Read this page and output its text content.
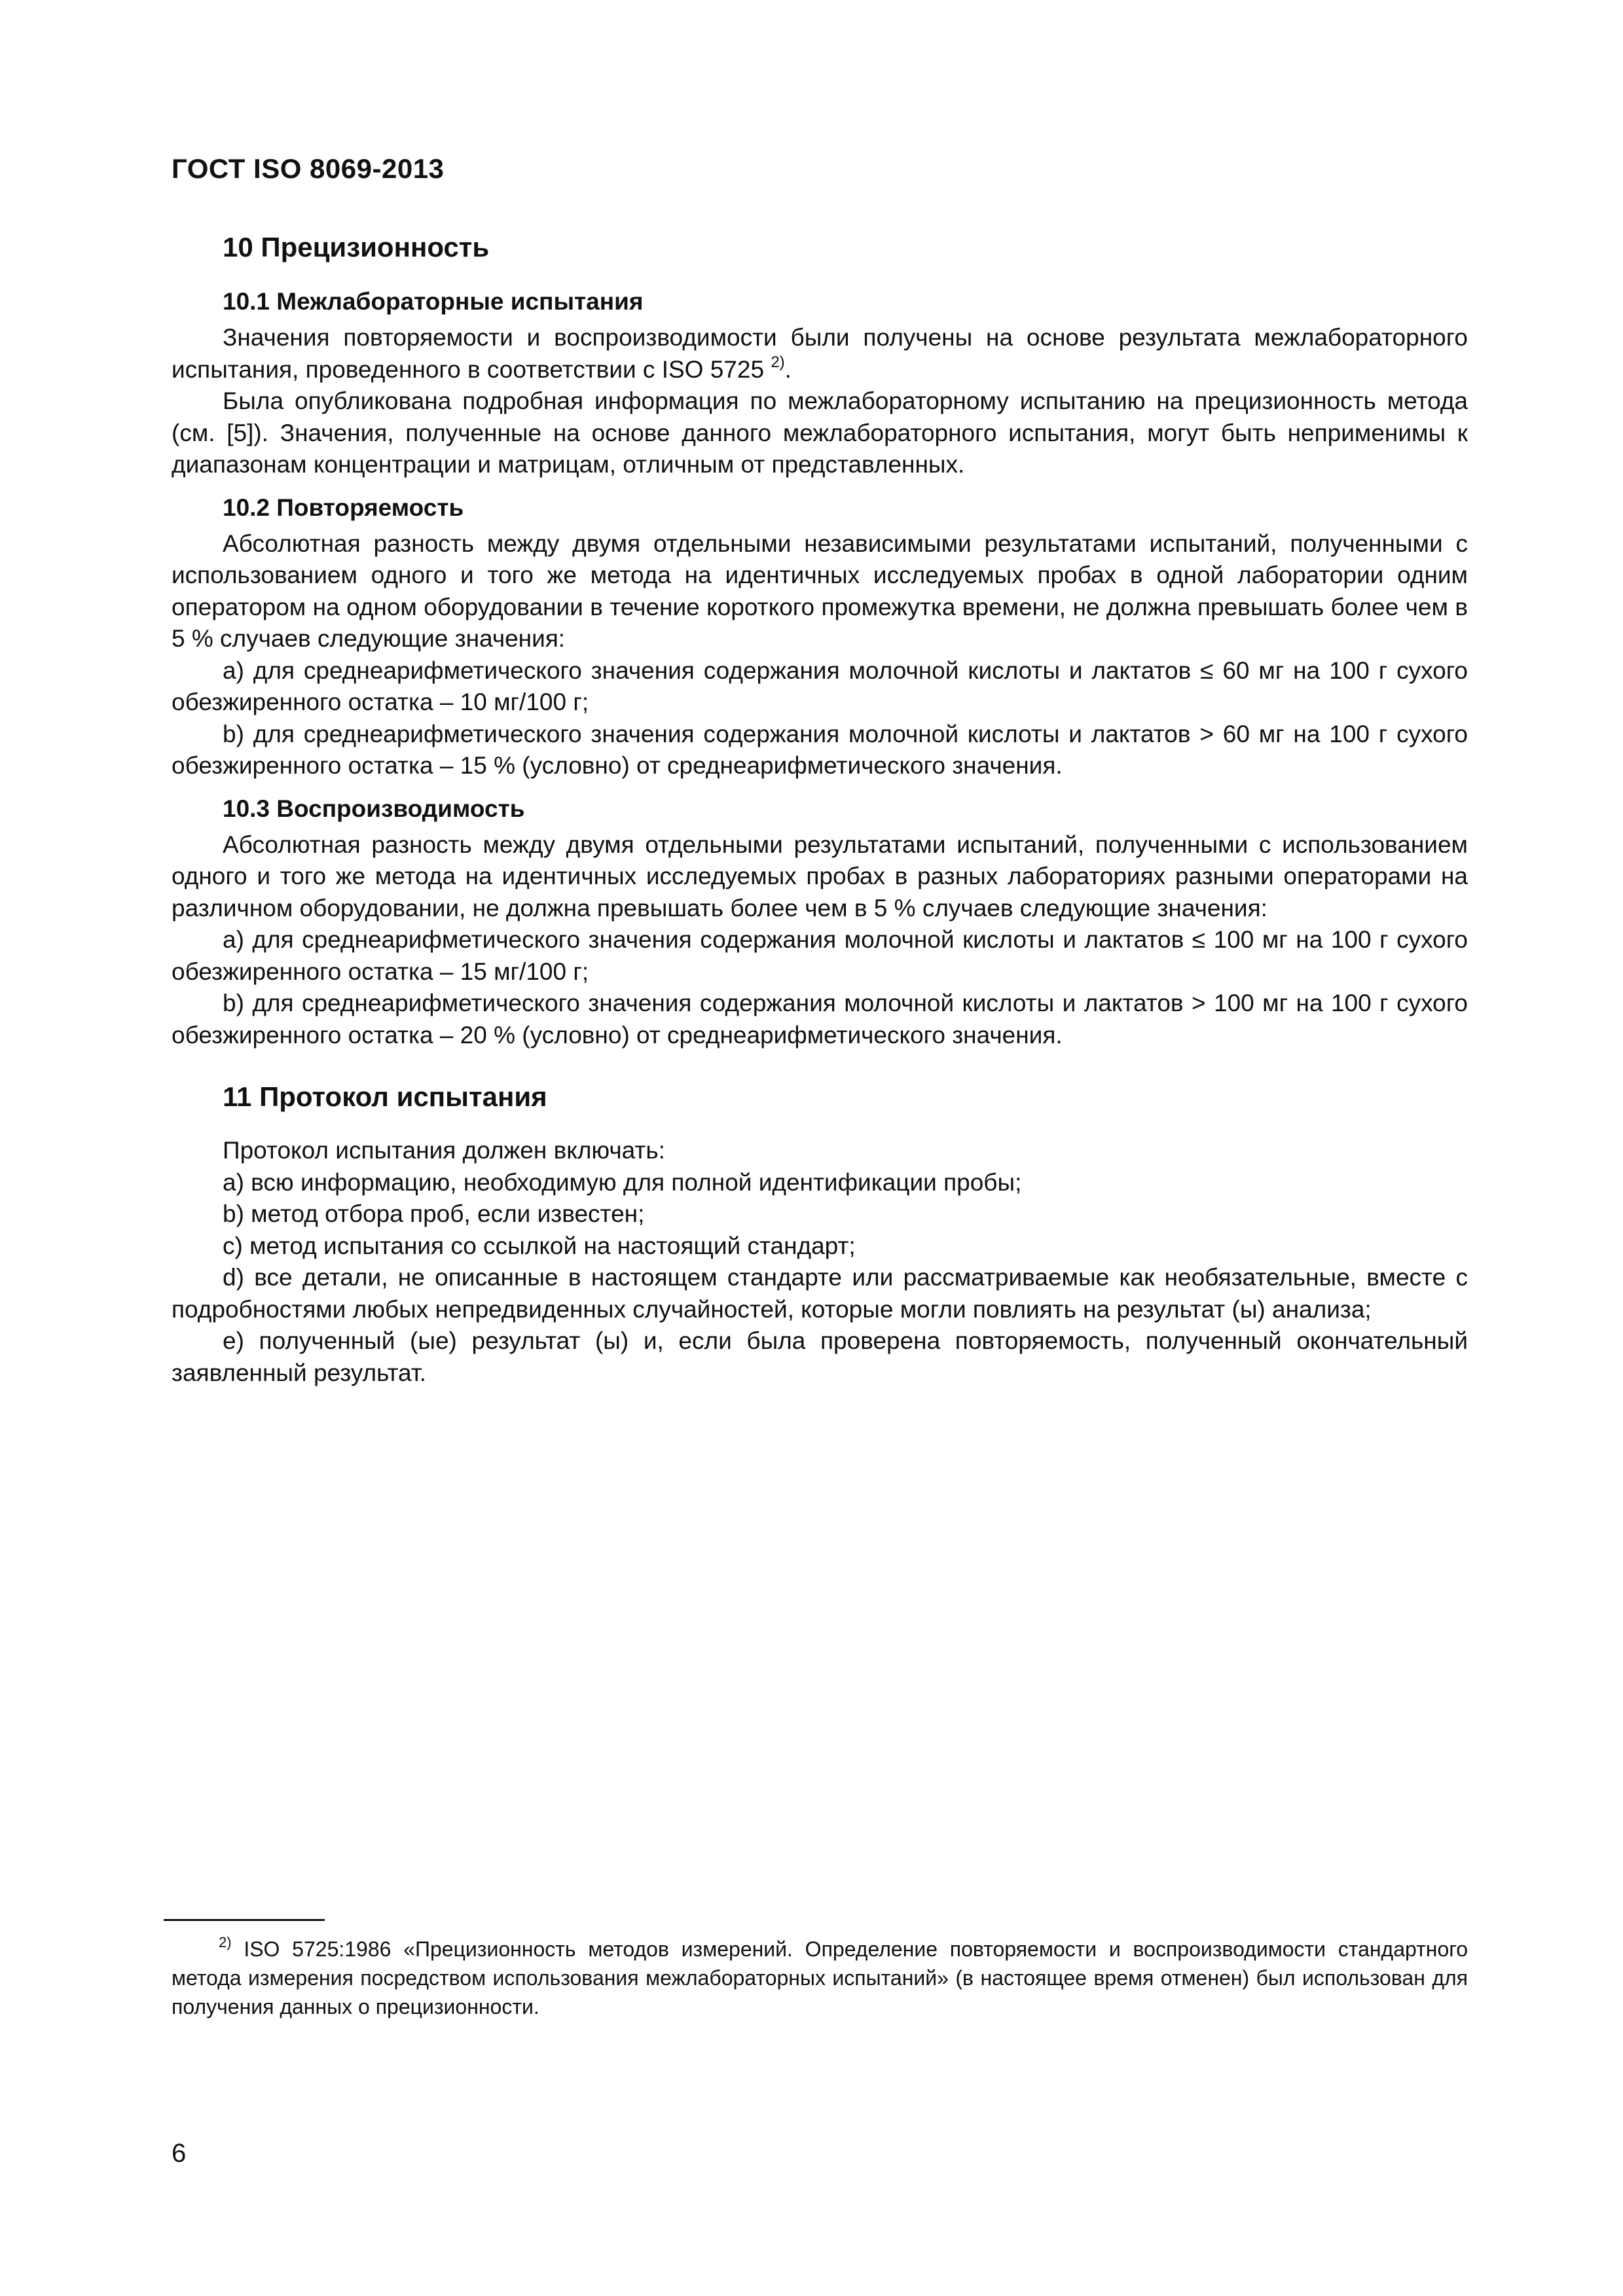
ГОСТ ISO 8069-2013
10 Прецизионность
10.1 Межлабораторные испытания

Значения повторяемости и воспроизводимости были получены на основе результата межлабораторного испытания, проведенного в соответствии с ISO 5725 $^{2)}$.

Была опубликована подробная информация по межлабораторному испытанию на прецизионность метода (см. [5]). Значения, полученные на основе данного межлабораторного испытания, могут быть неприменимы к диапазонам концентрации и матрицам, отличным от представленных.

10.2 Повторяемость

Абсолютная разность между двумя отдельными независимыми результатами испытаний, полученными с использованием одного и того же метода на идентичных исследуемых пробах в одной лаборатории одним оператором на одном оборудовании в течение короткого промежутка времени, не должна превышать более чем в 5 % случаев следующие значения:

a) для среднеарифметического значения содержания молочной кислоты и лактатов ≤ 60 мг на 100 г сухого обезжиренного остатка – 10 мг/100 г;

b) для среднеарифметического значения содержания молочной кислоты и лактатов > 60 мг на 100 г сухого обезжиренного остатка – 15 % (условно) от среднеарифметического значения.

10.3 Воспроизводимость

Абсолютная разность между двумя отдельными результатами испытаний, полученными с использованием одного и того же метода на идентичных исследуемых пробах в разных лабораториях разными операторами на различном оборудовании, не должна превышать более чем в 5 % случаев следующие значения:

a) для среднеарифметического значения содержания молочной кислоты и лактатов ≤ 100 мг на 100 г сухого обезжиренного остатка – 15 мг/100 г;

b) для среднеарифметического значения содержания молочной кислоты и лактатов > 100 мг на 100 г сухого обезжиренного остатка – 20 % (условно) от среднеарифметического значения.

11 Протокол испытания

Протокол испытания должен включать:

a) всю информацию, необходимую для полной идентификации пробы;

b) метод отбора проб, если известен;

c) метод испытания со ссылкой на настоящий стандарт;

d) все детали, не описанные в настоящем стандарте или рассматриваемые как необязательные, вместе с подробностями любых непредвиденных случайностей, которые могли повлиять на результат (ы) анализа;

e) полученный (ые) результат (ы) и, если была проверена повторяемость, полученный окончательный заявленный результат.

$^{2)}$ ISO 5725:1986 «Прецизионность методов измерений. Определение повторяемости и воспроизводимости стандартного метода измерения посредством использования межлабораторных испытаний» (в настоящее время отменен) был использован для получения данных о прецизионности.
6
